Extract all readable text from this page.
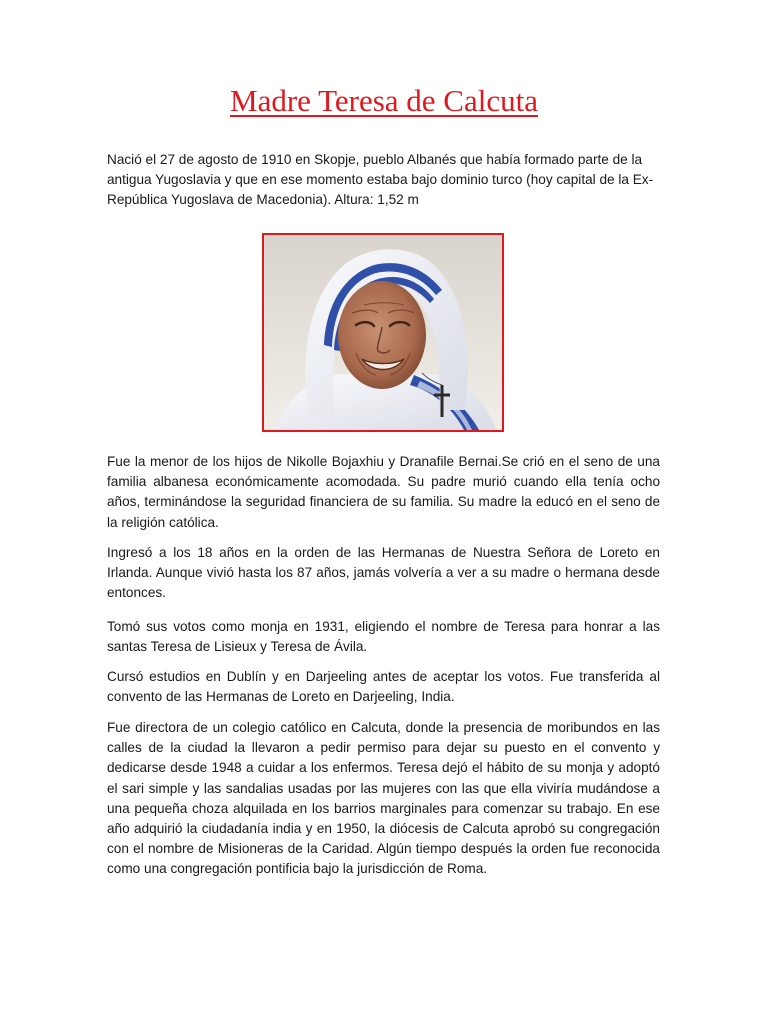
Madre Teresa de Calcuta

Nació el 27 de agosto de 1910 en Skopje, pueblo Albanés que había formado parte de la antigua Yugoslavia y que en ese momento estaba bajo dominio turco (hoy capital de la Ex-República Yugoslava de Macedonia). Altura: 1,52 m

Fue la menor de los hijos de Nikolle Bojaxhiu y Dranafile Bernai.Se crió en el seno de una familia albanesa económicamente acomodada. Su padre murió cuando ella tenía ocho años, terminándose la seguridad financiera de su familia. Su madre la educó en el seno de la religión católica.

Ingresó a los 18 años en la orden de las Hermanas de Nuestra Señora de Loreto en Irlanda. Aunque vivió hasta los 87 años, jamás volvería a ver a su madre o hermana desde entonces.

Tomó sus votos como monja en 1931, eligiendo el nombre de Teresa para honrar a las santas Teresa de Lisieux y Teresa de Ávila.

Cursó estudios en Dublín y en Darjeeling antes de aceptar los votos. Fue transferida al convento de las Hermanas de Loreto en Darjeeling, India.

Fue directora de un colegio católico en Calcuta, donde la presencia de moribundos en las calles de la ciudad la llevaron a pedir permiso para dejar su puesto en el convento y dedicarse desde 1948 a cuidar a los enfermos. Teresa dejó el hábito de su monja y adoptó el sari simple y las sandalias usadas por las mujeres con las que ella viviría mudándose a una pequeña choza alquilada en los barrios marginales para comenzar su trabajo. En ese año adquirió la ciudadanía india y en 1950, la diócesis de Calcuta aprobó su congregación con el nombre de Misioneras de la Caridad. Algún tiempo después la orden fue reconocida como una congregación pontificia bajo la jurisdicción de Roma.
